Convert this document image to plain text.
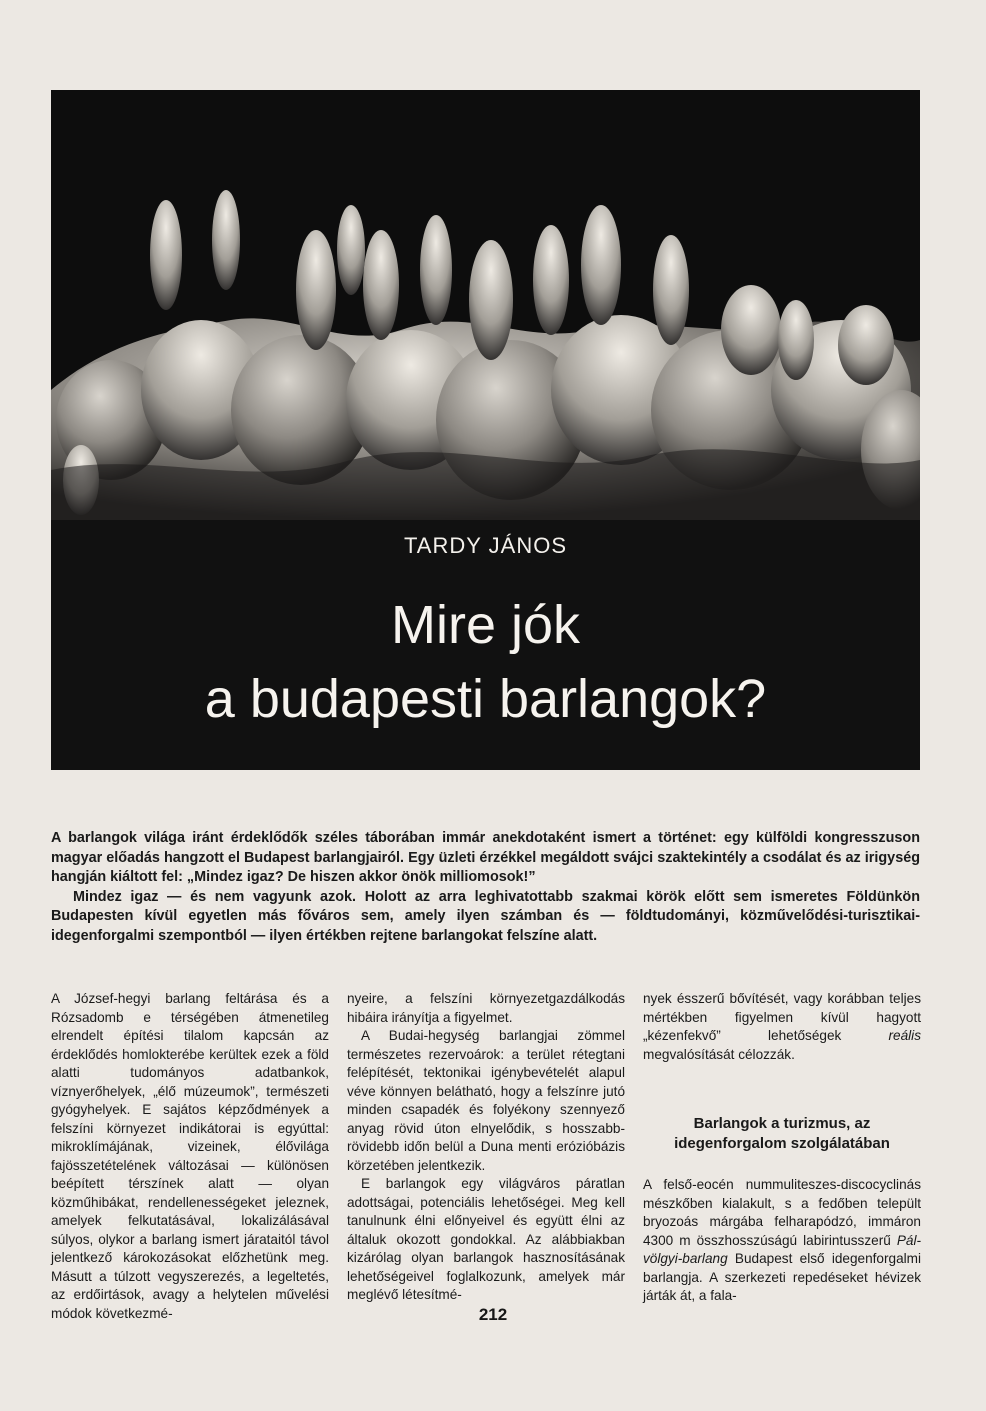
TARDY JÁNOS
Mire jók
a budapesti barlangok?

A barlangok világa iránt érdeklődők széles táborában immár anekdotaként ismert a történet: egy külföldi kongresszuson magyar előadás hangzott el Budapest barlangjairól. Egy üzleti érzékkel megáldott svájci szaktekintély a csodálat és az irigység hangján kiáltott fel: „Mindez igaz? De hiszen akkor önök milliomosok!”

Mindez igaz — és nem vagyunk azok. Holott az arra leghivatottabb szakmai körök előtt sem ismeretes Földünkön Budapesten kívül egyetlen más főváros sem, amely ilyen számban és — földtudományi, közművelődési-turisztikai-idegenforgalmi szempontból — ilyen értékben rejtene barlangokat felszíne alatt.

A József-hegyi barlang feltárása és a Rózsadomb e térségében átmenetileg elrendelt építési tilalom kapcsán az érdeklődés homlokterébe kerültek ezek a föld alatti tudományos adatbankok, víznyerőhelyek, „élő múzeumok”, természeti gyógyhelyek. E sajátos képződmények a felszíni környezet indikátorai is egyúttal: mikroklímájának, vizeinek, élővilága fajösszetételének változásai — különösen beépített térszínek alatt — olyan közműhibákat, rendellenességeket jeleznek, amelyek felkutatásával, lokalizálásával súlyos, olykor a barlang ismert járataitól távol jelentkező károkozásokat előzhetünk meg. Másutt a túlzott vegyszerezés, a legeltetés, az erdőirtások, avagy a helytelen művelési módok következmé-

nyeire, a felszíni környezetgazdálkodás hibáira irányítja a figyelmet.

A Budai-hegység barlangjai zömmel természetes rezervoárok: a terület rétegtani felépítését, tektonikai igénybevételét alapul véve könnyen belátható, hogy a felszínre jutó minden csapadék és folyékony szennyező anyag rövid úton elnyelődik, s hosszabb-rövidebb időn belül a Duna menti erózióbázis körzetében jelentkezik.

E barlangok egy világváros páratlan adottságai, potenciális lehetőségei. Meg kell tanulnunk élni előnyeivel és együtt élni az általuk okozott gondokkal. Az alábbiakban kizárólag olyan barlangok hasznosításának lehetőségeivel foglalkozunk, amelyek már meglévő létesítmé-

nyek ésszerű bővítését, vagy korábban teljes mértékben figyelmen kívül hagyott „kézenfekvő” lehetőségek	reális megvalósítását célozzák.

Barlangok a turizmus, az idegenforgalom szolgálatában

A felső-eocén nummuliteszes-discocyclinás mészkőben kialakult, s a fedőben települt bryozoás márgába felharapódzó, immáron 4300 m összhosszúságú labirintusszerű Pál-völgyi-barlang Budapest első idegenforgalmi barlangja. A szerkezeti repedéseket hévizek járták át, a fala-

212
